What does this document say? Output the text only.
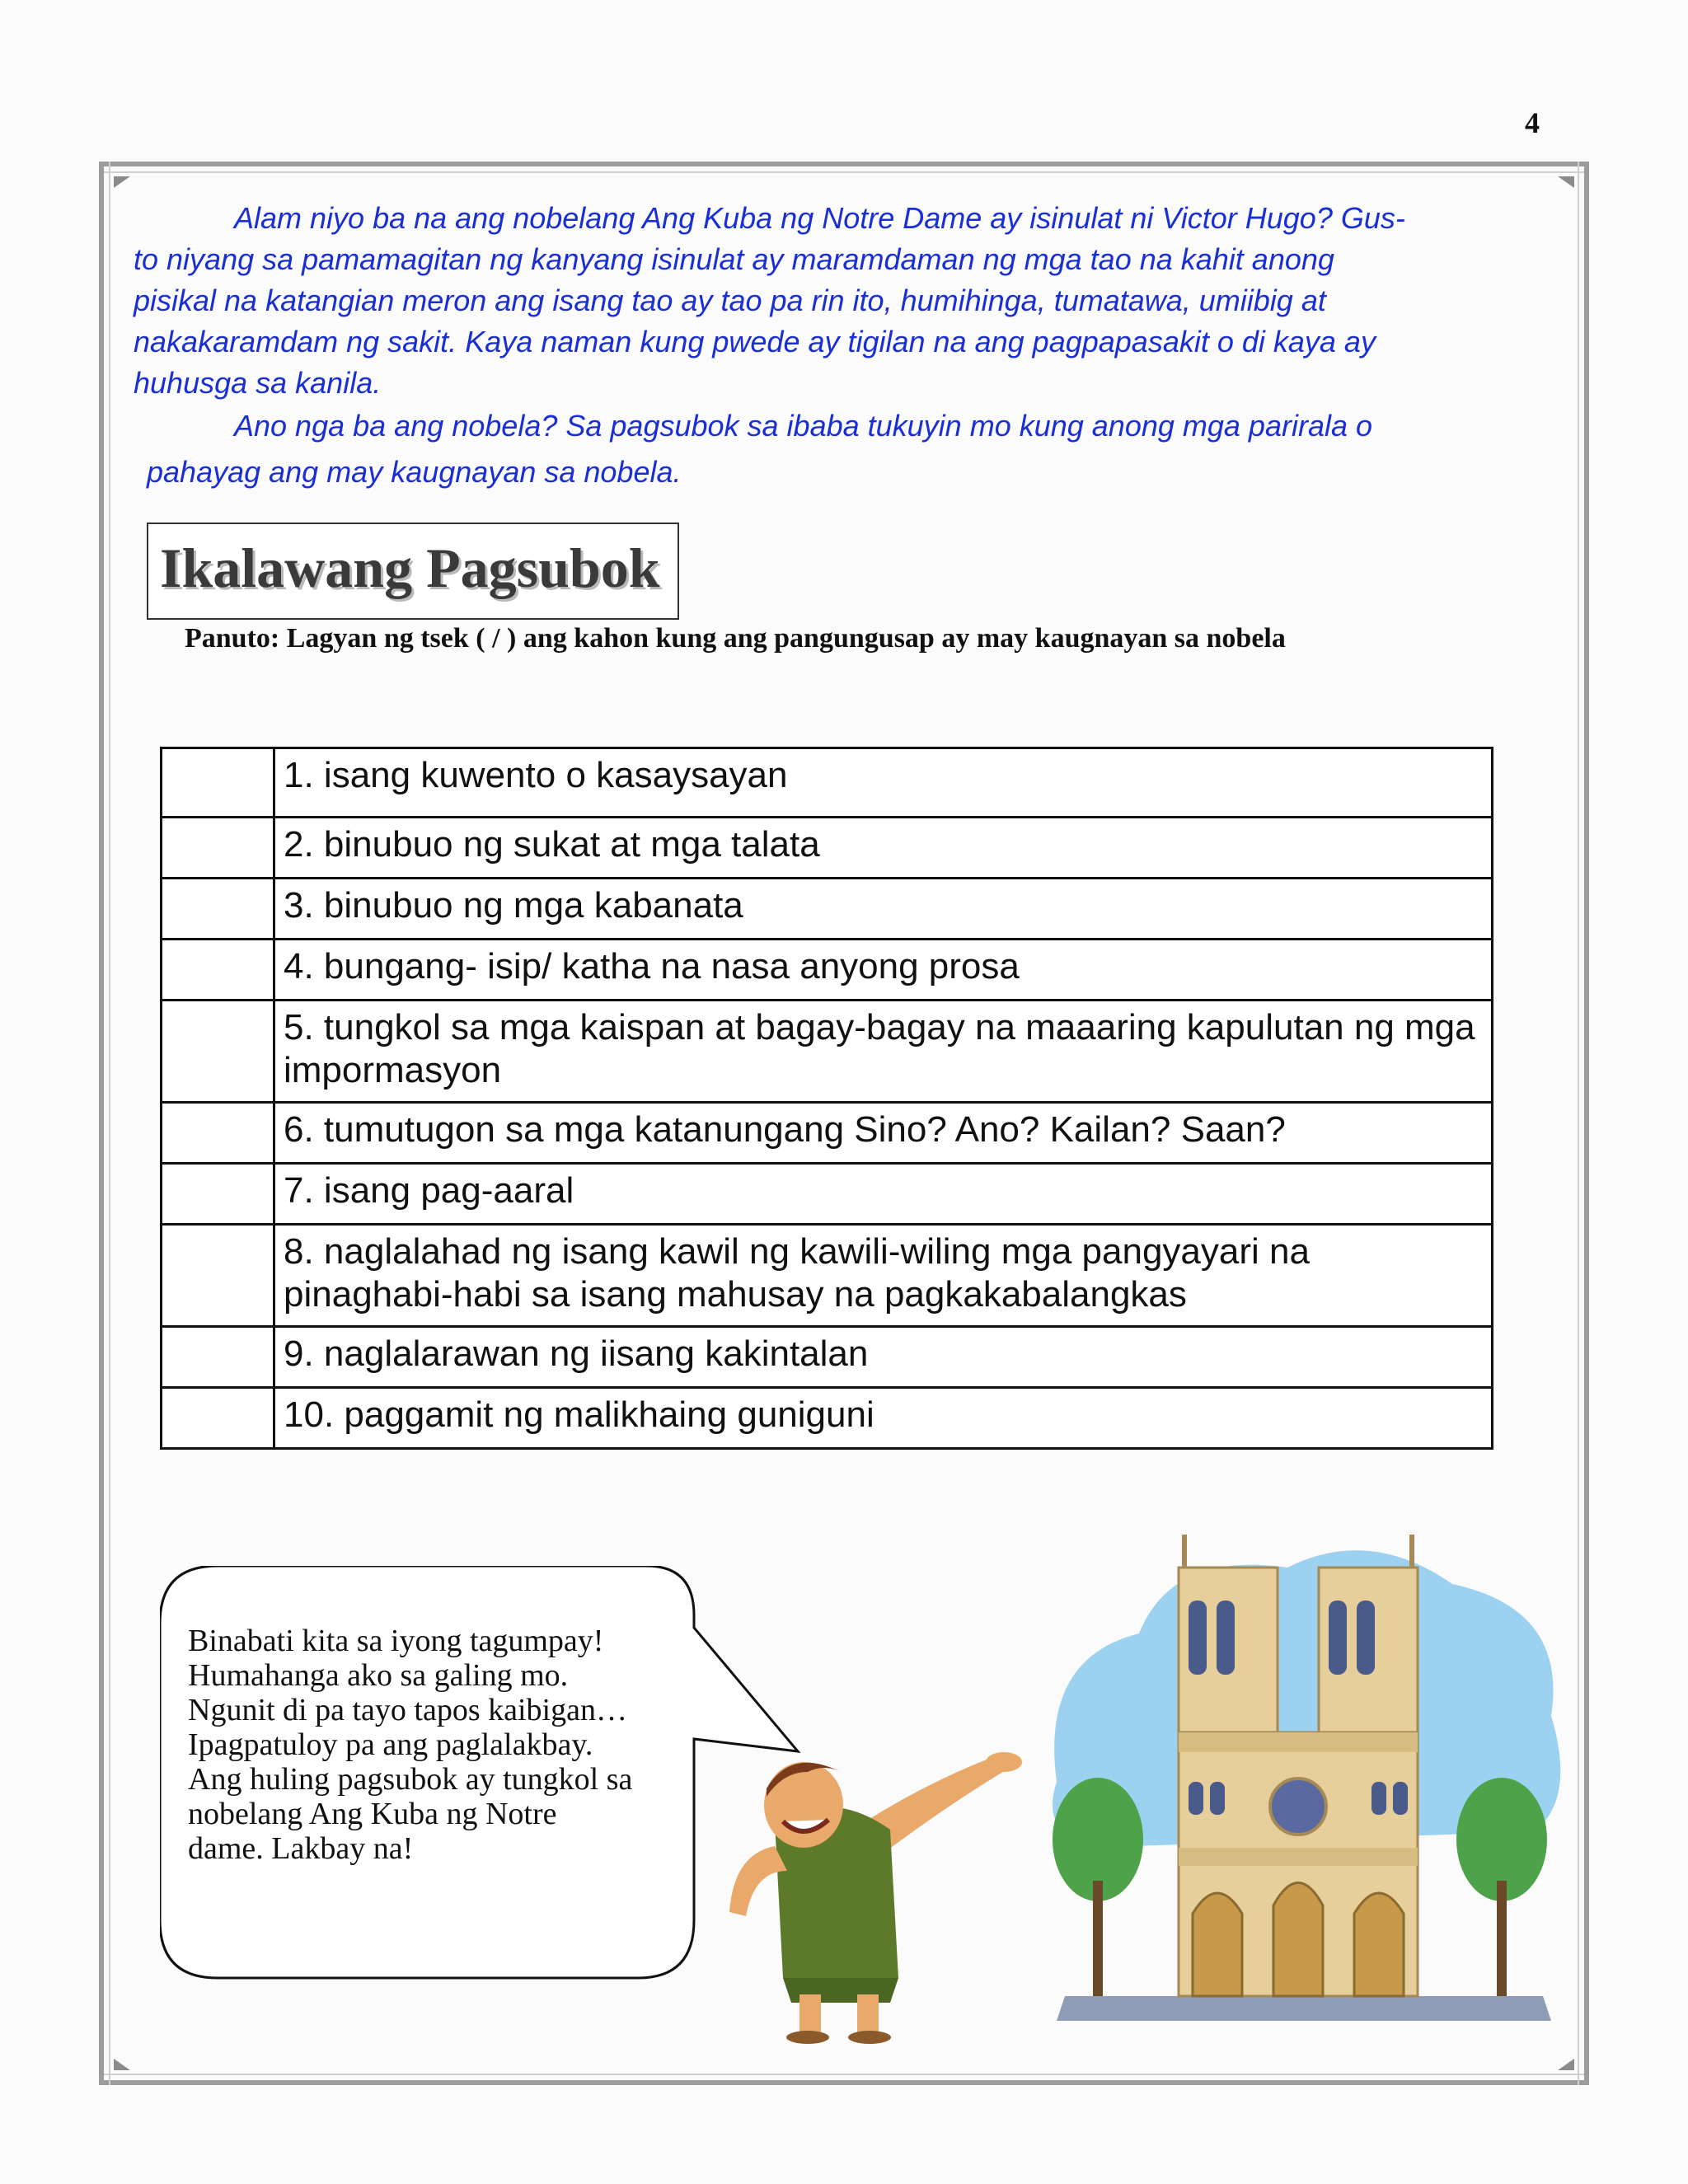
4

Alam niyo ba na ang nobelang Ang Kuba ng Notre Dame ay isinulat ni Victor Hugo? Gus-

to niyang sa pamamagitan ng kanyang isinulat ay maramdaman ng mga tao na kahit anong

pisikal na katangian meron ang isang tao ay tao pa rin ito, humihinga, tumatawa, umiibig at

nakakaramdam ng sakit. Kaya naman kung pwede ay tigilan na ang pagpapasakit o di kaya ay

huhusga sa kanila.

Ano nga ba ang nobela? Sa pagsubok sa ibaba tukuyin mo kung anong mga parirala o

pahayag ang may kaugnayan sa nobela.

Ikalawang Pagsubok
Panuto: Lagyan ng tsek ( / ) ang kahon kung ang pangungusap ay may kaugnayan sa nobela
	1. isang kuwento o kasaysayan
	2. binubuo ng sukat at mga talata
	3. binubuo ng mga kabanata
	4. bungang- isip/ katha na nasa anyong prosa
	5. tungkol sa mga kaispan at bagay-bagay na maaaring kapulutan ng mga impormasyon
	6. tumutugon sa mga katanungang Sino? Ano? Kailan? Saan?
	7. isang pag-aaral
	8. naglalahad ng isang kawil ng kawili-wiling mga pangyayari na pinaghabi-habi sa isang mahusay na pagkakabalangkas
	9. naglalarawan ng iisang kakintalan
	10. paggamit ng malikhaing guniguni
Binabati kita sa iyong tagumpay!
Humahanga ako sa galing mo.
Ngunit di pa tayo tapos kaibigan…
Ipagpatuloy pa ang paglalakbay.
Ang huling pagsubok ay tungkol sa
nobelang Ang Kuba ng Notre
dame. Lakbay na!
